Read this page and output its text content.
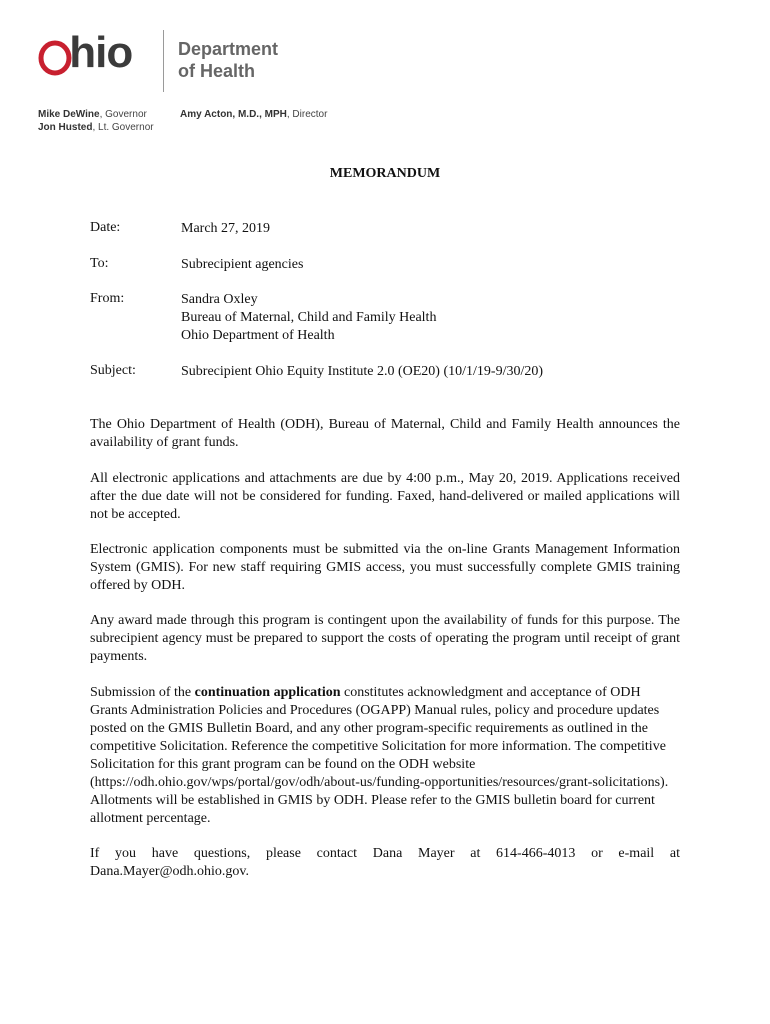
hio	Department
of Health
Mike DeWine, Governor
Jon Husted, Lt. Governor
Amy Acton, M.D., MPH, Director
MEMORANDUM
Date:	March 27, 2019
To:	Subrecipient agencies
From:	Sandra Oxley
Bureau of Maternal, Child and Family Health
Ohio Department of Health
Subject:	Subrecipient Ohio Equity Institute 2.0 (OE20) (10/1/19-9/30/20)
The Ohio Department of Health (ODH), Bureau of Maternal, Child and Family Health announces the availability of grant funds.
All electronic applications and attachments are due by 4:00 p.m., May 20, 2019. Applications received after the due date will not be considered for funding. Faxed, hand-delivered or mailed applications will not be accepted.
Electronic application components must be submitted via the on-line Grants Management Information System (GMIS). For new staff requiring GMIS access, you must successfully complete GMIS training offered by ODH.
Any award made through this program is contingent upon the availability of funds for this purpose. The subrecipient agency must be prepared to support the costs of operating the program until receipt of grant payments.
Submission of the continuation application constitutes acknowledgment and acceptance of ODH Grants Administration Policies and Procedures (OGAPP) Manual rules, policy and procedure updates posted on the GMIS Bulletin Board, and any other program-specific requirements as outlined in the competitive Solicitation. Reference the competitive Solicitation for more information. The competitive Solicitation for this grant program can be found on the ODH website (https://odh.ohio.gov/wps/portal/gov/odh/about-us/funding-opportunities/resources/grant-solicitations). Allotments will be established in GMIS by ODH. Please refer to the GMIS bulletin board for current allotment percentage.
If you have questions, please contact Dana Mayer at 614-466-4013 or e-mail at Dana.Mayer@odh.ohio.gov.
